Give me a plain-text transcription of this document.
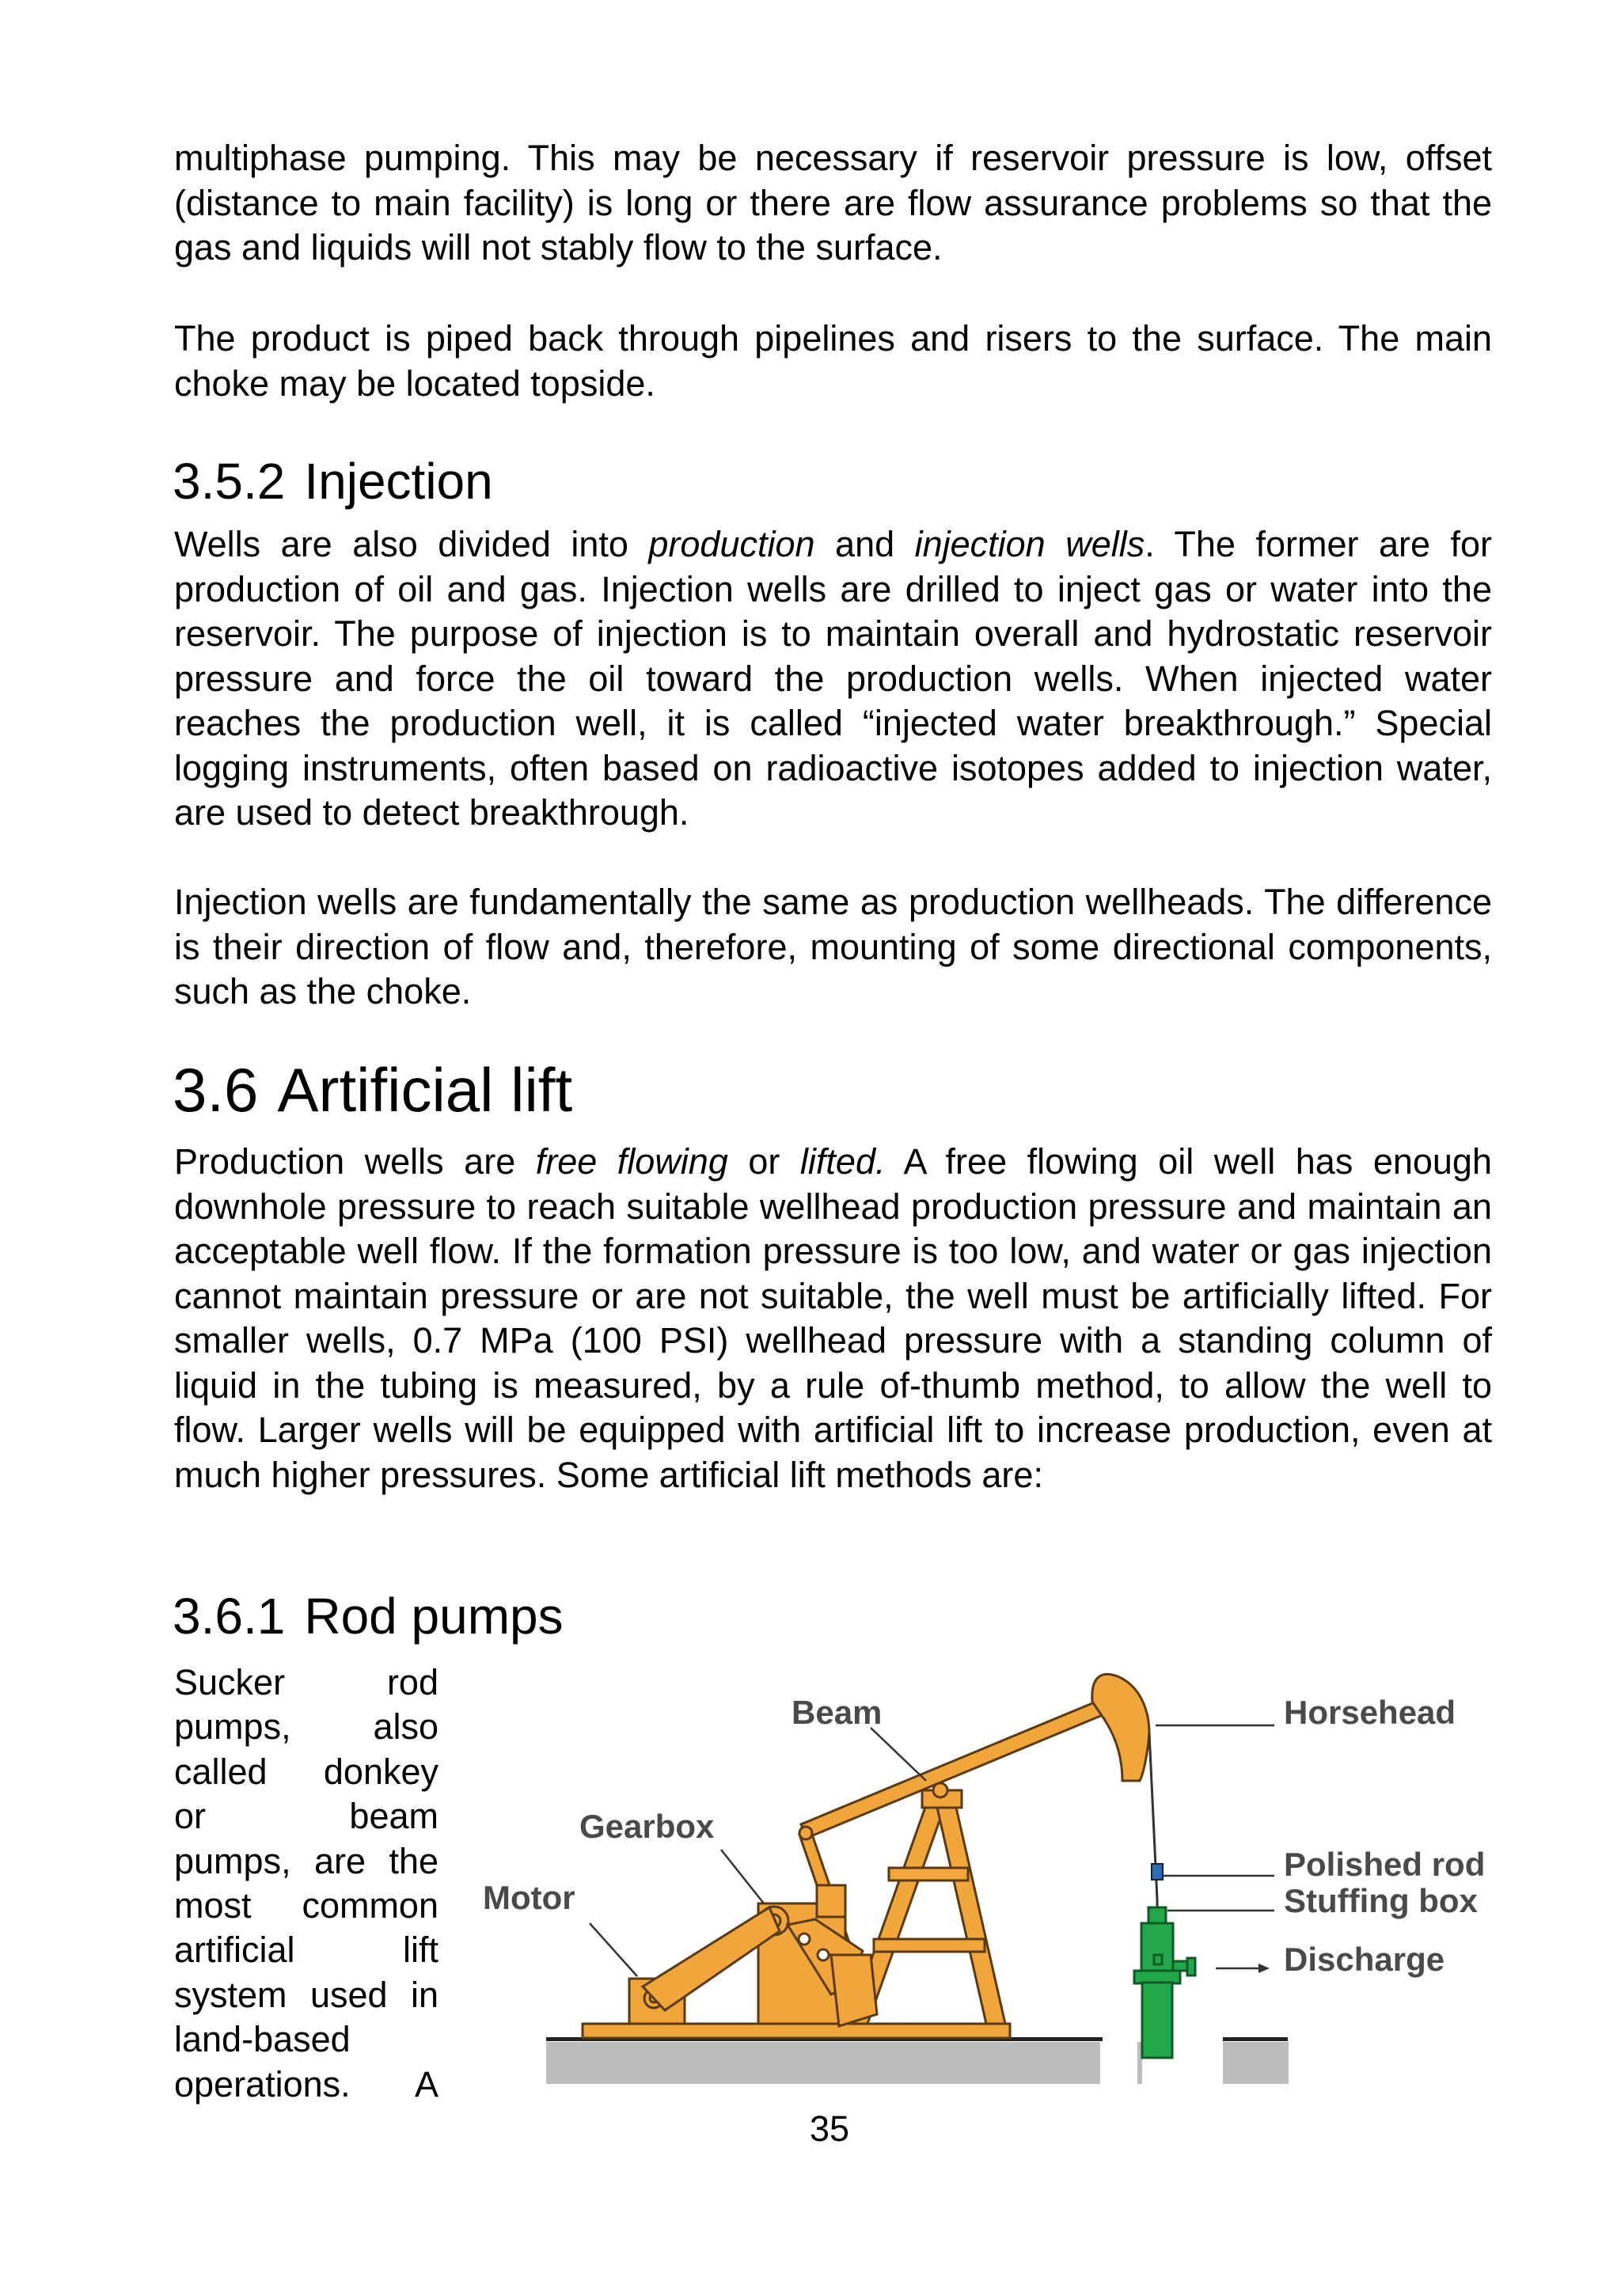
multiphase pumping. This may be necessary if reservoir pressure is low, offset (distance to main facility) is long or there are flow assurance problems so that the gas and liquids will not stably flow to the surface.

The product is piped back through pipelines and risers to the surface. The main choke may be located topside.

3.5.2 Injection

Wells are also divided into production and injection wells. The former are for production of oil and gas. Injection wells are drilled to inject gas or water into the reservoir. The purpose of injection is to maintain overall and hydrostatic reservoir pressure and force the oil toward the production wells. When injected water reaches the production well, it is called “injected water breakthrough.” Special logging instruments, often based on radioactive isotopes added to injection water, are used to detect breakthrough.

Injection wells are fundamentally the same as production wellheads. The difference is their direction of flow and, therefore, mounting of some directional components, such as the choke.

3.6 Artificial lift

Production wells are free flowing or lifted. A free flowing oil well has enough downhole pressure to reach suitable wellhead production pressure and maintain an acceptable well flow. If the formation pressure is too low, and water or gas injection cannot maintain pressure or are not suitable, the well must be artificially lifted. For smaller wells, 0.7 MPa (100 PSI) wellhead pressure with a standing column of liquid in the tubing is measured, by a rule of-thumb method, to allow the well to flow. Larger wells will be equipped with artificial lift to increase production, even at much higher pressures. Some artificial lift methods are:

3.6.1 Rod pumps

Sucker rod
pumps, also
called donkey
or beam
pumps, are the
most common
artificial lift
system used in
land-based
operations. A

Beam	Horsehead
Gearbox
Motor
Polished rod
Stuffing box
Discharge
35
